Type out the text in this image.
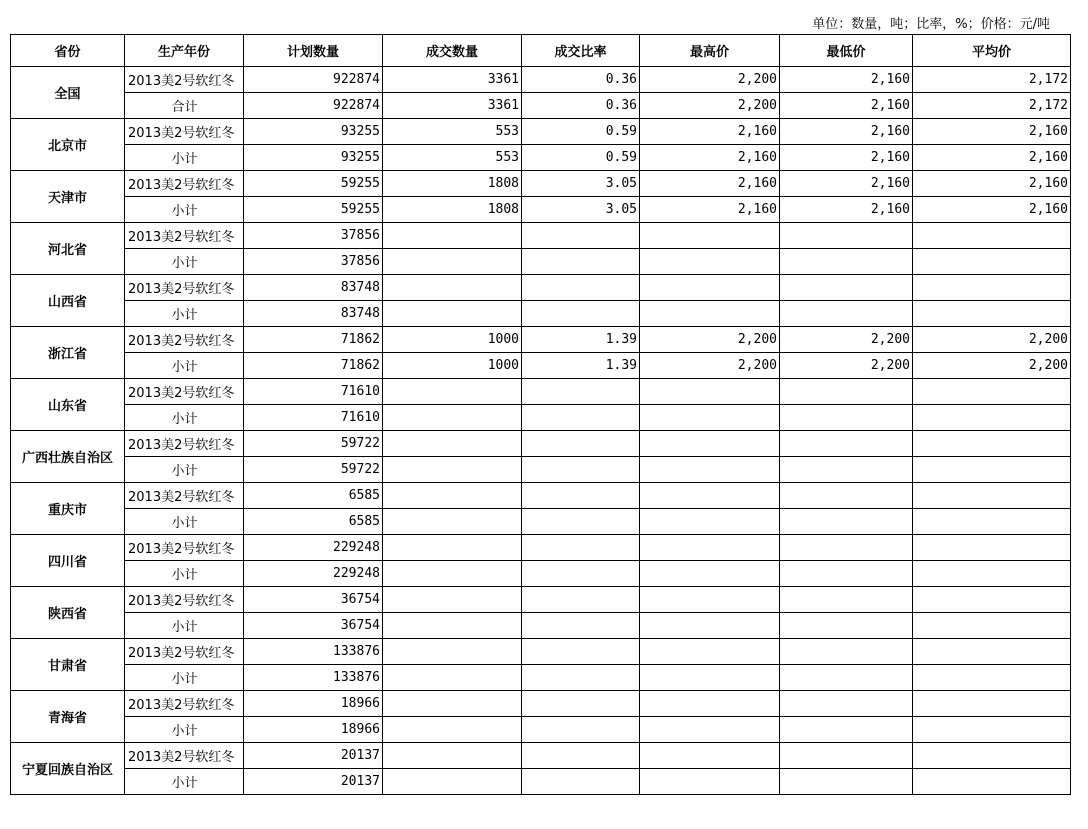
单位：数量，吨；比率，%；价格：元/吨
省份	生产年份	计划数量	成交数量	成交比率	最高价	最低价	平均价
全国	2013美2号软红冬	922874	3361	0.36	2,200	2,160	2,172
	合计	922874	3361	0.36	2,200	2,160	2,172
北京市	2013美2号软红冬	93255	553	0.59	2,160	2,160	2,160
	小计	93255	553	0.59	2,160	2,160	2,160
天津市	2013美2号软红冬	59255	1808	3.05	2,160	2,160	2,160
	小计	59255	1808	3.05	2,160	2,160	2,160
河北省	2013美2号软红冬	37856					
	小计	37856					
山西省	2013美2号软红冬	83748					
	小计	83748					
浙江省	2013美2号软红冬	71862	1000	1.39	2,200	2,200	2,200
	小计	71862	1000	1.39	2,200	2,200	2,200
山东省	2013美2号软红冬	71610					
	小计	71610					
广西壮族自治区	2013美2号软红冬	59722					
	小计	59722					
重庆市	2013美2号软红冬	6585					
	小计	6585					
四川省	2013美2号软红冬	229248					
	小计	229248					
陕西省	2013美2号软红冬	36754					
	小计	36754					
甘肃省	2013美2号软红冬	133876					
	小计	133876					
青海省	2013美2号软红冬	18966					
	小计	18966					
宁夏回族自治区	2013美2号软红冬	20137					
	小计	20137					
